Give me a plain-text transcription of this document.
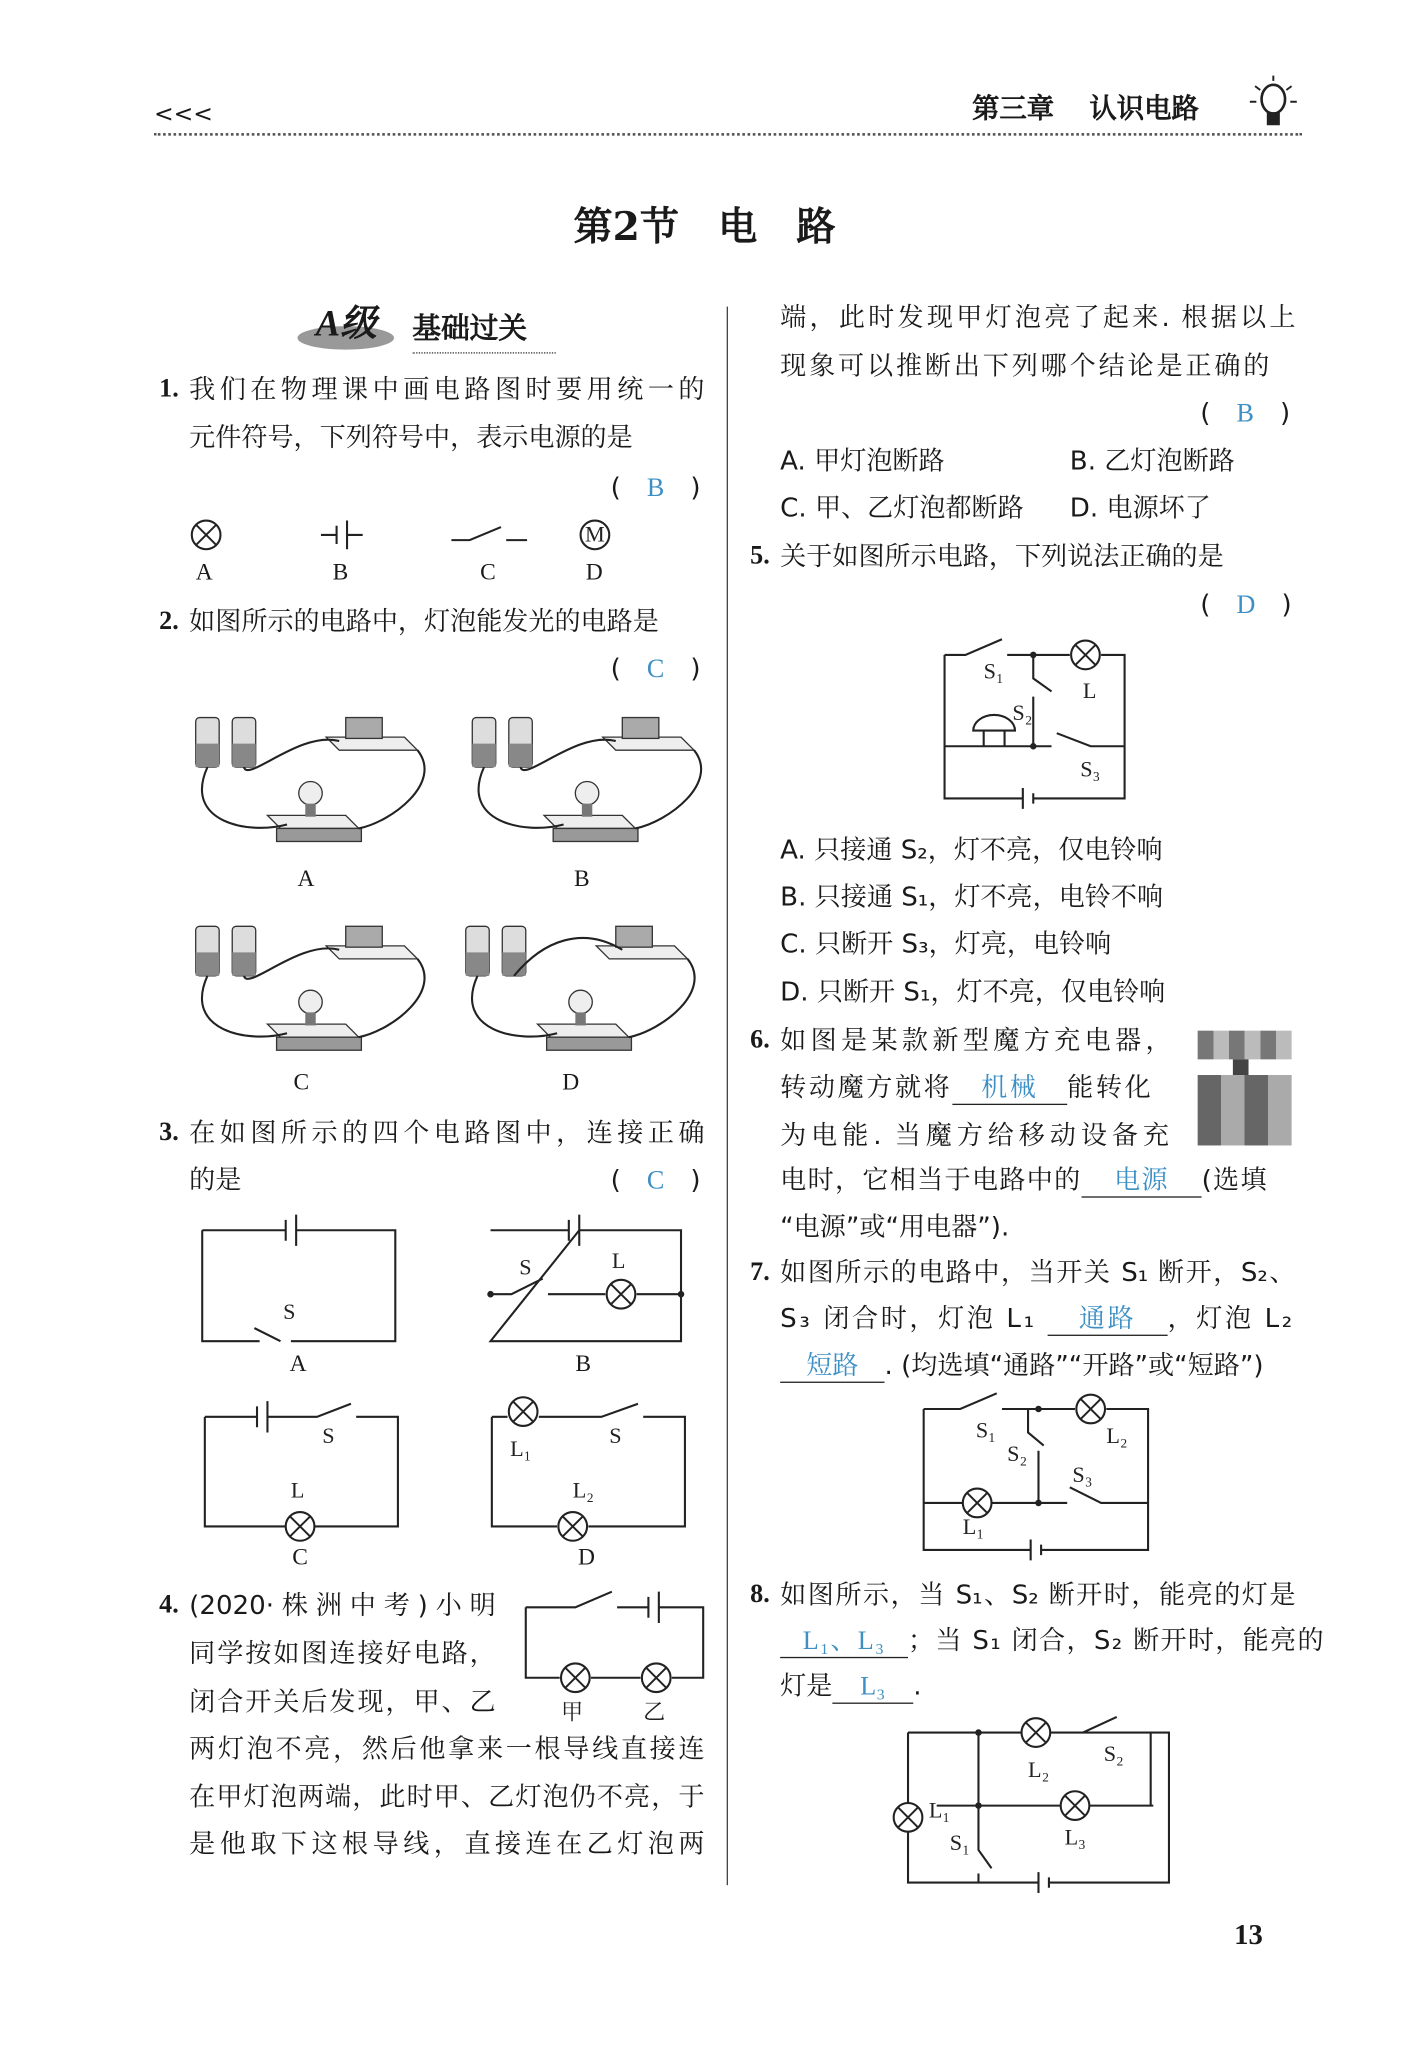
<<<	第三章 认识电路
第2节　电　路
A级 基础过关
1. 我们在物理课中画电路图时要用统一的
元件符号，下列符号中，表示电源的是
(　B　)
M
A	B	C	D
2. 如图所示的电路中，灯泡能发光的电路是
(　C　)
A	B
C	D
3. 在如图所示的四个电路图中，连接正确
的是	(　C　)
S
S	L
S
L
L₁
S
L₂
A	B
C	D
4. (2020·株洲中考)小明
同学按如图连接好电路，
闭合开关后发现，甲、乙
两灯泡不亮，然后他拿来一根导线直接连
在甲灯泡两端，此时甲、乙灯泡仍不亮，于
是他取下这根导线，直接连在乙灯泡两
甲	乙
端，此时发现甲灯泡亮了起来. 根据以上
现象可以推断出下列哪个结论是正确的
(　B　)
A. 甲灯泡断路	B. 乙灯泡断路
C. 甲、乙灯泡都断路 D. 电源坏了
5. 关于如图所示电路，下列说法正确的是
(　D　)
S₁
S₂
S₃
L
A. 只接通 S₂，灯不亮，仅电铃响
B. 只接通 S₁，灯不亮，电铃不响
C. 只断开 S₃，灯亮，电铃响
D. 只断开 S₁，灯不亮，仅电铃响
6. 如图是某款新型魔方充电器，
转动魔方就将 机械 能转化
为电能. 当魔方给移动设备充
电时，它相当于电路中的 电源 (选填
“电源”或“用电器”).
7. 如图所示的电路中，当开关 S₁ 断开，S₂、
S₃ 闭合时，灯泡 L₁ 通路 ，灯泡 L₂
短路 . (均选填“通路”“开路”或“短路”)
S₁
S₂
S₃
L₂
L₁
8. 如图所示，当 S₁、S₂ 断开时，能亮的灯是
L₁、L₃ ；当 S₁ 闭合，S₂ 断开时，能亮的
灯是 L₃ .
S₂
L₂
L₁
S₁	L₃
13
